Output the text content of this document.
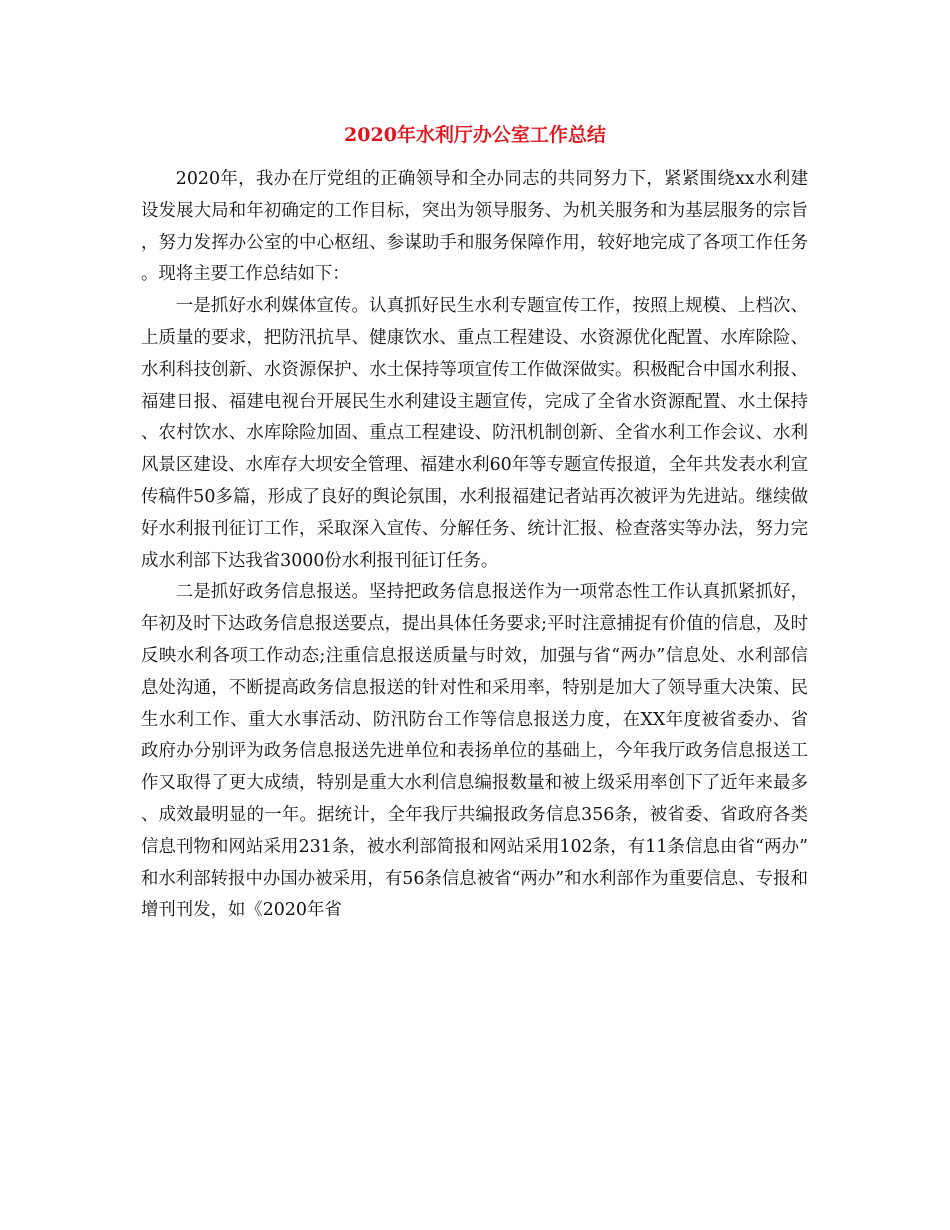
2020年水利厅办公室工作总结

2020年，我办在厅党组的正确领导和全办同志的共同努力下，紧紧围绕xx水利建设发展大局和年初确定的工作目标，突出为领导服务、为机关服务和为基层服务的宗旨，努力发挥办公室的中心枢纽、参谋助手和服务保障作用，较好地完成了各项工作任务。现将主要工作总结如下：

一是抓好水利媒体宣传。认真抓好民生水利专题宣传工作，按照上规模、上档次、上质量的要求，把防汛抗旱、健康饮水、重点工程建设、水资源优化配置、水库除险、水利科技创新、水资源保护、水土保持等项宣传工作做深做实。积极配合中国水利报、福建日报、福建电视台开展民生水利建设主题宣传，完成了全省水资源配置、水土保持、农村饮水、水库除险加固、重点工程建设、防汛机制创新、全省水利工作会议、水利风景区建设、水库存大坝安全管理、福建水利60年等专题宣传报道，全年共发表水利宣传稿件50多篇，形成了良好的舆论氛围，水利报福建记者站再次被评为先进站。继续做好水利报刊征订工作，采取深入宣传、分解任务、统计汇报、检查落实等办法，努力完成水利部下达我省3000份水利报刊征订任务。

二是抓好政务信息报送。坚持把政务信息报送作为一项常态性工作认真抓紧抓好，年初及时下达政务信息报送要点，提出具体任务要求;平时注意捕捉有价值的信息，及时反映水利各项工作动态;注重信息报送质量与时效，加强与省“两办”信息处、水利部信息处沟通，不断提高政务信息报送的针对性和采用率，特别是加大了领导重大决策、民生水利工作、重大水事活动、防汛防台工作等信息报送力度，在XX年度被省委办、省政府办分别评为政务信息报送先进单位和表扬单位的基础上，今年我厅政务信息报送工作又取得了更大成绩，特别是重大水利信息编报数量和被上级采用率创下了近年来最多、成效最明显的一年。据统计，全年我厅共编报政务信息356条，被省委、省政府各类信息刊物和网站采用231条，被水利部简报和网站采用102条，有11条信息由省“两办”和水利部转报中办国办被采用，有56条信息被省“两办”和水利部作为重要信息、专报和增刊刊发，如《2020年省
